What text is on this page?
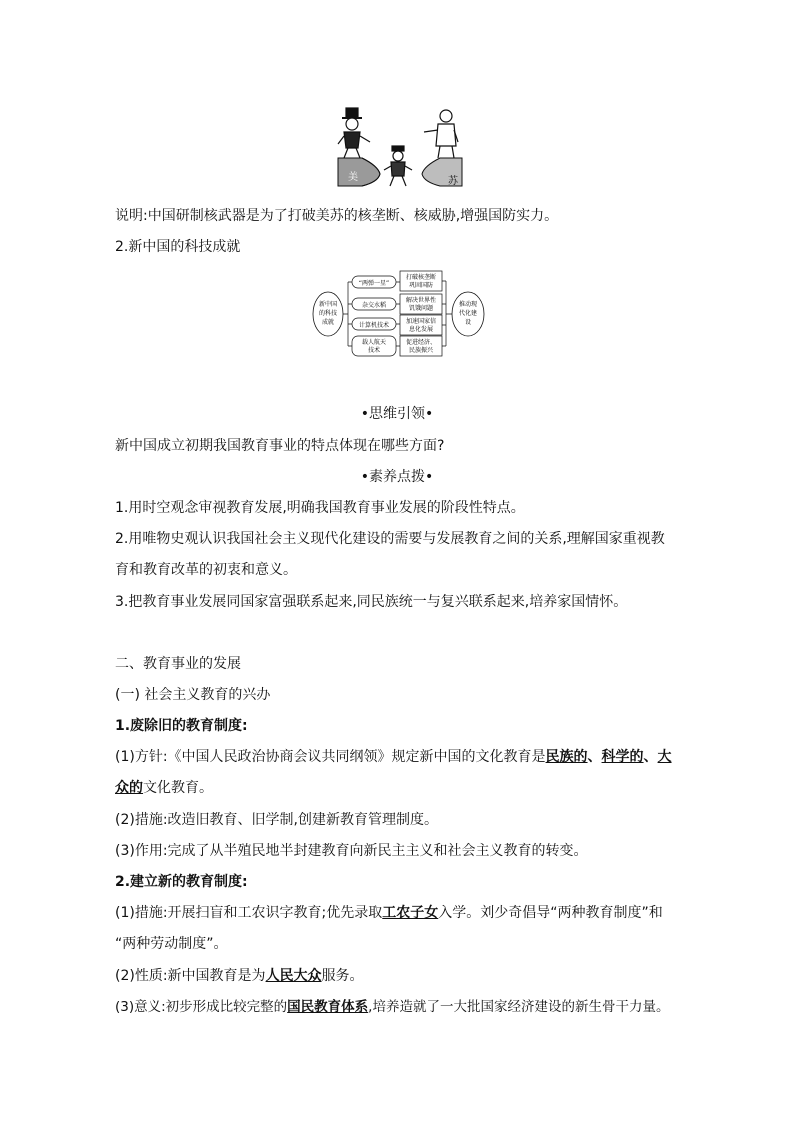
美	苏
说明:中国研制核武器是为了打破美苏的核垄断、核威胁,增强国防实力。
2.新中国的科技成就
新中国
的科技
成就
“两弹一星”
杂交水稻
计算机技术
载人航天
技术
打破核垄断
巩固国防
解决世界性
饥饿问题
加速国家信
息化发展
促进经济、
民族振兴
推动现
代化建
设
•思维引领•
新中国成立初期我国教育事业的特点体现在哪些方面?
•素养点拨•
1.用时空观念审视教育发展,明确我国教育事业发展的阶段性特点。
2.用唯物史观认识我国社会主义现代化建设的需要与发展教育之间的关系,理解国家重视教
育和教育改革的初衷和意义。
3.把教育事业发展同国家富强联系起来,同民族统一与复兴联系起来,培养家国情怀。
二、教育事业的发展
(一) 社会主义教育的兴办
1.废除旧的教育制度:
(1)方针:《中国人民政治协商会议共同纲领》规定新中国的文化教育是民族的、科学的、大
众的文化教育。
(2)措施:改造旧教育、旧学制,创建新教育管理制度。
(3)作用:完成了从半殖民地半封建教育向新民主主义和社会主义教育的转变。
2.建立新的教育制度:
(1)措施:开展扫盲和工农识字教育;优先录取工农子女入学。刘少奇倡导“两种教育制度”和
“两种劳动制度”。
(2)性质:新中国教育是为人民大众服务。
(3)意义:初步形成比较完整的国民教育体系,培养造就了一大批国家经济建设的新生骨干力量。
